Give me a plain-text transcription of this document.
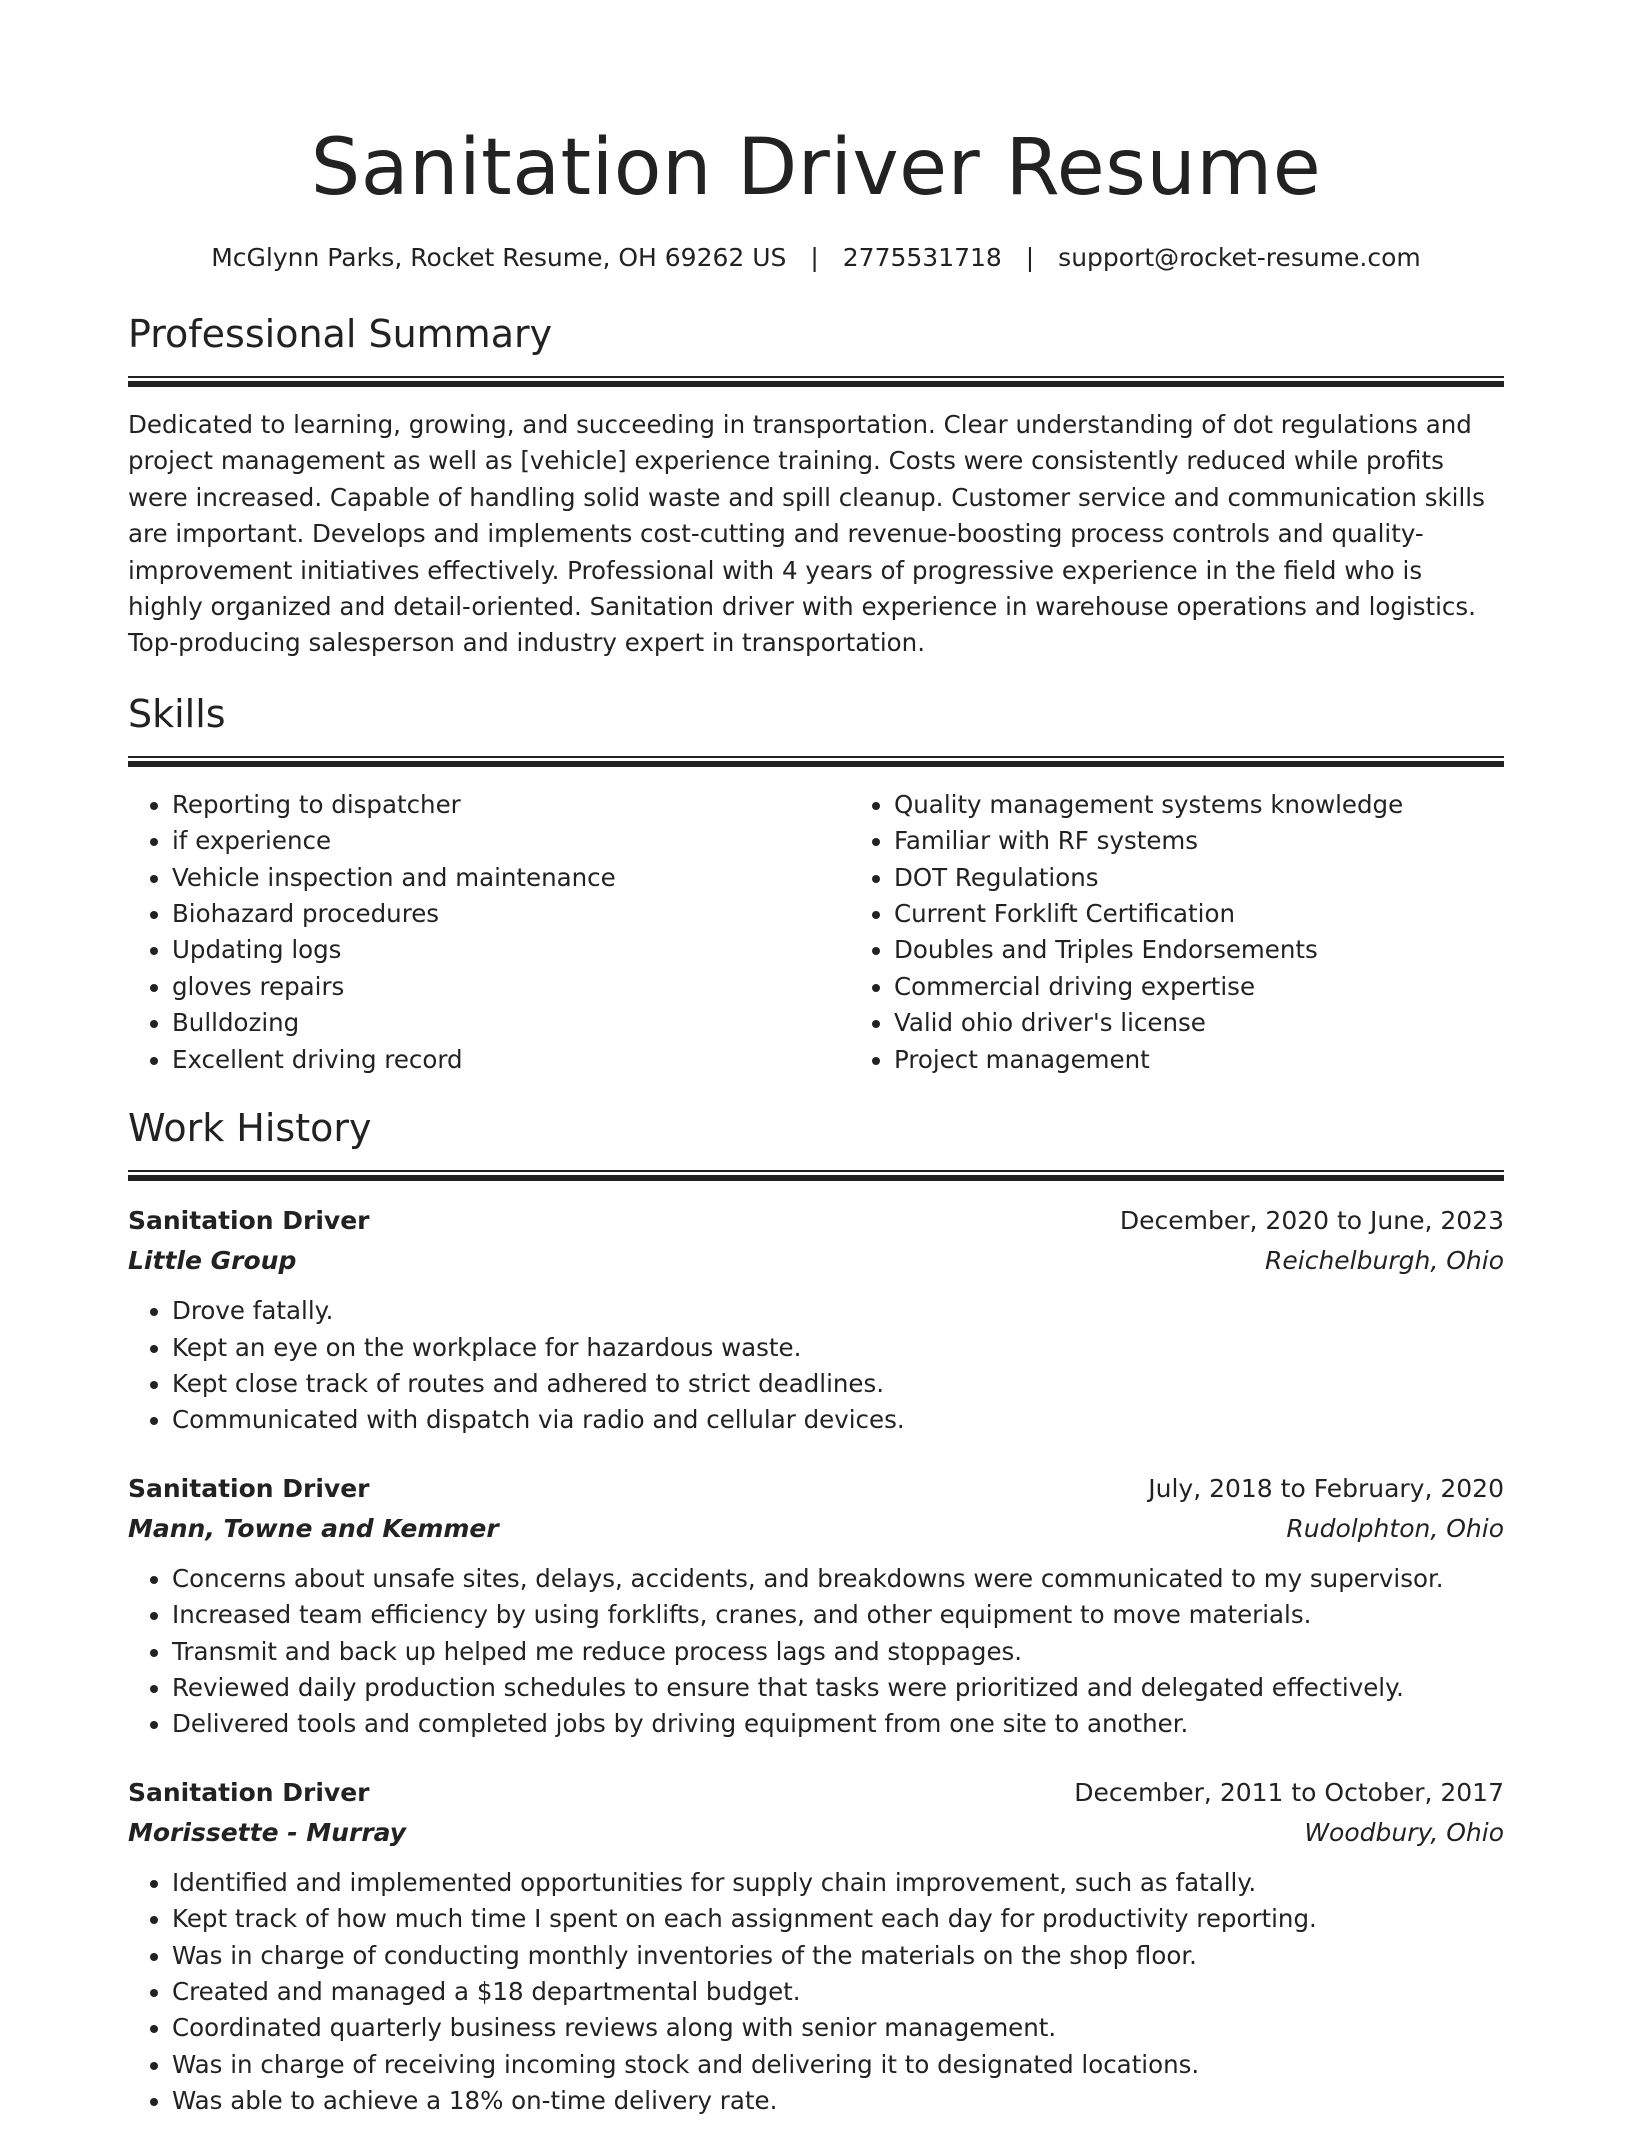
Sanitation Driver Resume
McGlynn Parks, Rocket Resume, OH 69262 US | 2775531718 | support@rocket-resume.com
Professional Summary

Dedicated to learning, growing, and succeeding in transportation. Clear understanding of dot regulations and project management as well as [vehicle] experience training. Costs were consistently reduced while profits were increased. Capable of handling solid waste and spill cleanup. Customer service and communication skills are important. Develops and implements cost-cutting and revenue-boosting process controls and quality-improvement initiatives effectively. Professional with 4 years of progressive experience in the field who is highly organized and detail-oriented. Sanitation driver with experience in warehouse operations and logistics. Top-producing salesperson and industry expert in transportation.

Skills
• Reporting to dispatcher
• if experience
• Vehicle inspection and maintenance
• Biohazard procedures
• Updating logs
• gloves repairs
• Bulldozing
• Excellent driving record
• Quality management systems knowledge
• Familiar with RF systems
• DOT Regulations
• Current Forklift Certification
• Doubles and Triples Endorsements
• Commercial driving expertise
• Valid ohio driver's license
• Project management
Work History
Sanitation Driver	December, 2020 to June, 2023
Little Group	Reichelburgh, Ohio
• Drove fatally.
• Kept an eye on the workplace for hazardous waste.
• Kept close track of routes and adhered to strict deadlines.
• Communicated with dispatch via radio and cellular devices.
Sanitation Driver	July, 2018 to February, 2020
Mann, Towne and Kemmer	Rudolphton, Ohio
• Concerns about unsafe sites, delays, accidents, and breakdowns were communicated to my supervisor.
• Increased team efficiency by using forklifts, cranes, and other equipment to move materials.
• Transmit and back up helped me reduce process lags and stoppages.
• Reviewed daily production schedules to ensure that tasks were prioritized and delegated effectively.
• Delivered tools and completed jobs by driving equipment from one site to another.
Sanitation Driver	December, 2011 to October, 2017
Morissette - Murray	Woodbury, Ohio
• Identified and implemented opportunities for supply chain improvement, such as fatally.
• Kept track of how much time I spent on each assignment each day for productivity reporting.
• Was in charge of conducting monthly inventories of the materials on the shop floor.
• Created and managed a $18 departmental budget.
• Coordinated quarterly business reviews along with senior management.
• Was in charge of receiving incoming stock and delivering it to designated locations.
• Was able to achieve a 18% on-time delivery rate.
